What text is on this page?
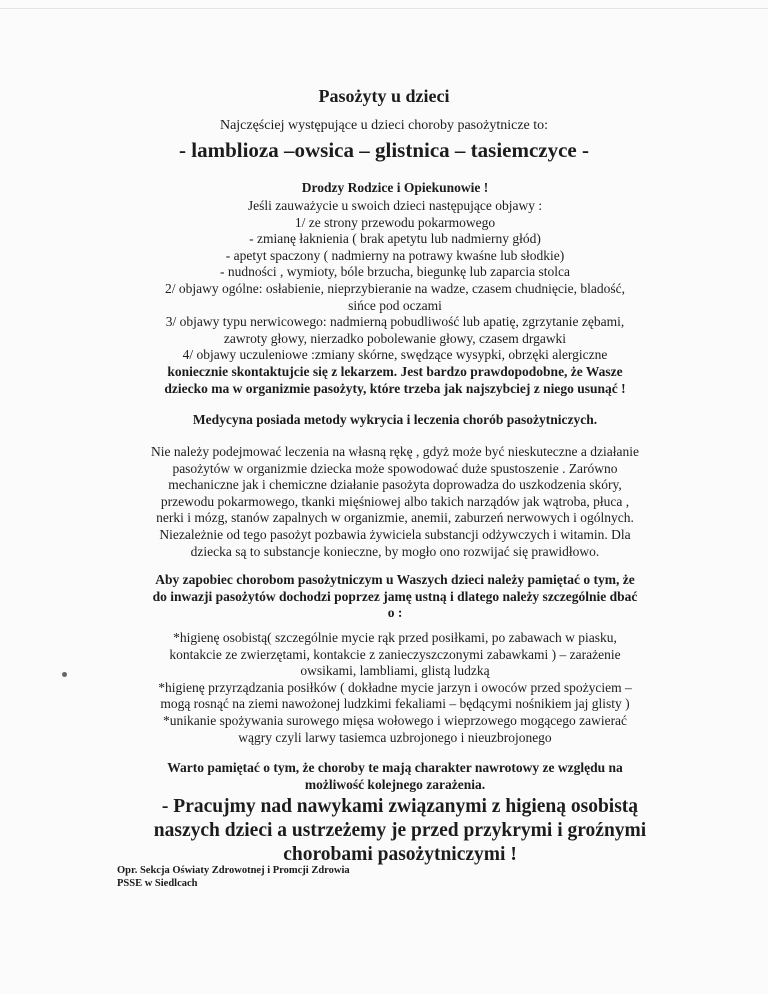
Pasożyty u dzieci
Najczęściej występujące u dzieci choroby pasożytnicze to:
- lamblioza –owsica – glistnica – tasiemczyce -
Drodzy Rodzice i Opiekunowie !
Jeśli zauważycie u swoich dzieci następujące objawy :
1/ ze strony przewodu pokarmowego
- zmianę łaknienia ( brak apetytu lub nadmierny głód)
- apetyt spaczony ( nadmierny na potrawy kwaśne lub słodkie)
- nudności , wymioty, bóle brzucha, biegunkę lub zaparcia stolca
2/ objawy ogólne: osłabienie, nieprzybieranie na wadze, czasem chudnięcie, bladość,
sińce pod oczami
3/ objawy typu nerwicowego: nadmierną pobudliwość lub apatię, zgrzytanie zębami,
zawroty głowy, nierzadko pobolewanie głowy, czasem drgawki
4/ objawy uczuleniowe :zmiany skórne, swędzące wysypki, obrzęki alergiczne
koniecznie skontaktujcie się z lekarzem. Jest bardzo prawdopodobne, że Wasze
dziecko ma w organizmie pasożyty, które trzeba jak najszybciej z niego usunąć !
Medycyna posiada metody wykrycia i leczenia chorób pasożytniczych.
Nie należy podejmować leczenia na własną rękę , gdyż może być nieskuteczne a działanie
pasożytów w organizmie dziecka może spowodować duże spustoszenie . Zarówno
mechaniczne jak i chemiczne działanie pasożyta doprowadza do uszkodzenia skóry,
przewodu pokarmowego, tkanki mięśniowej albo takich narządów jak wątroba, płuca ,
nerki i mózg, stanów zapalnych w organizmie, anemii, zaburzeń nerwowych i ogólnych.
Niezależnie od tego pasożyt pozbawia żywiciela substancji odżywczych i witamin. Dla
dziecka są to substancje konieczne, by mogło ono rozwijać się prawidłowo.
Aby zapobiec chorobom pasożytniczym u Waszych dzieci należy pamiętać o tym, że
do inwazji pasożytów dochodzi poprzez jamę ustną i dlatego należy szczególnie dbać
o :
*higienę osobistą( szczególnie mycie rąk przed posiłkami, po zabawach w piasku,
kontakcie ze zwierzętami, kontakcie z zanieczyszczonymi zabawkami ) – zarażenie
owsikami, lambliami, glistą ludzką
*higienę przyrządzania posiłków ( dokładne mycie jarzyn i owoców przed spożyciem –
mogą rosnąć na ziemi nawożonej ludzkimi fekaliami – będącymi nośnikiem jaj glisty )
*unikanie spożywania surowego mięsa wołowego i wieprzowego mogącego zawierać
wągry czyli larwy tasiemca uzbrojonego i nieuzbrojonego
Warto pamiętać o tym, że choroby te mają charakter nawrotowy ze względu na
możliwość kolejnego zarażenia.
- Pracujmy nad nawykami związanymi z higieną osobistą
naszych dzieci a ustrzeżemy je przed przykrymi i groźnymi
chorobami pasożytniczymi !
Opr. Sekcja Oświaty Zdrowotnej i Promcji Zdrowia
PSSE w Siedlcach
